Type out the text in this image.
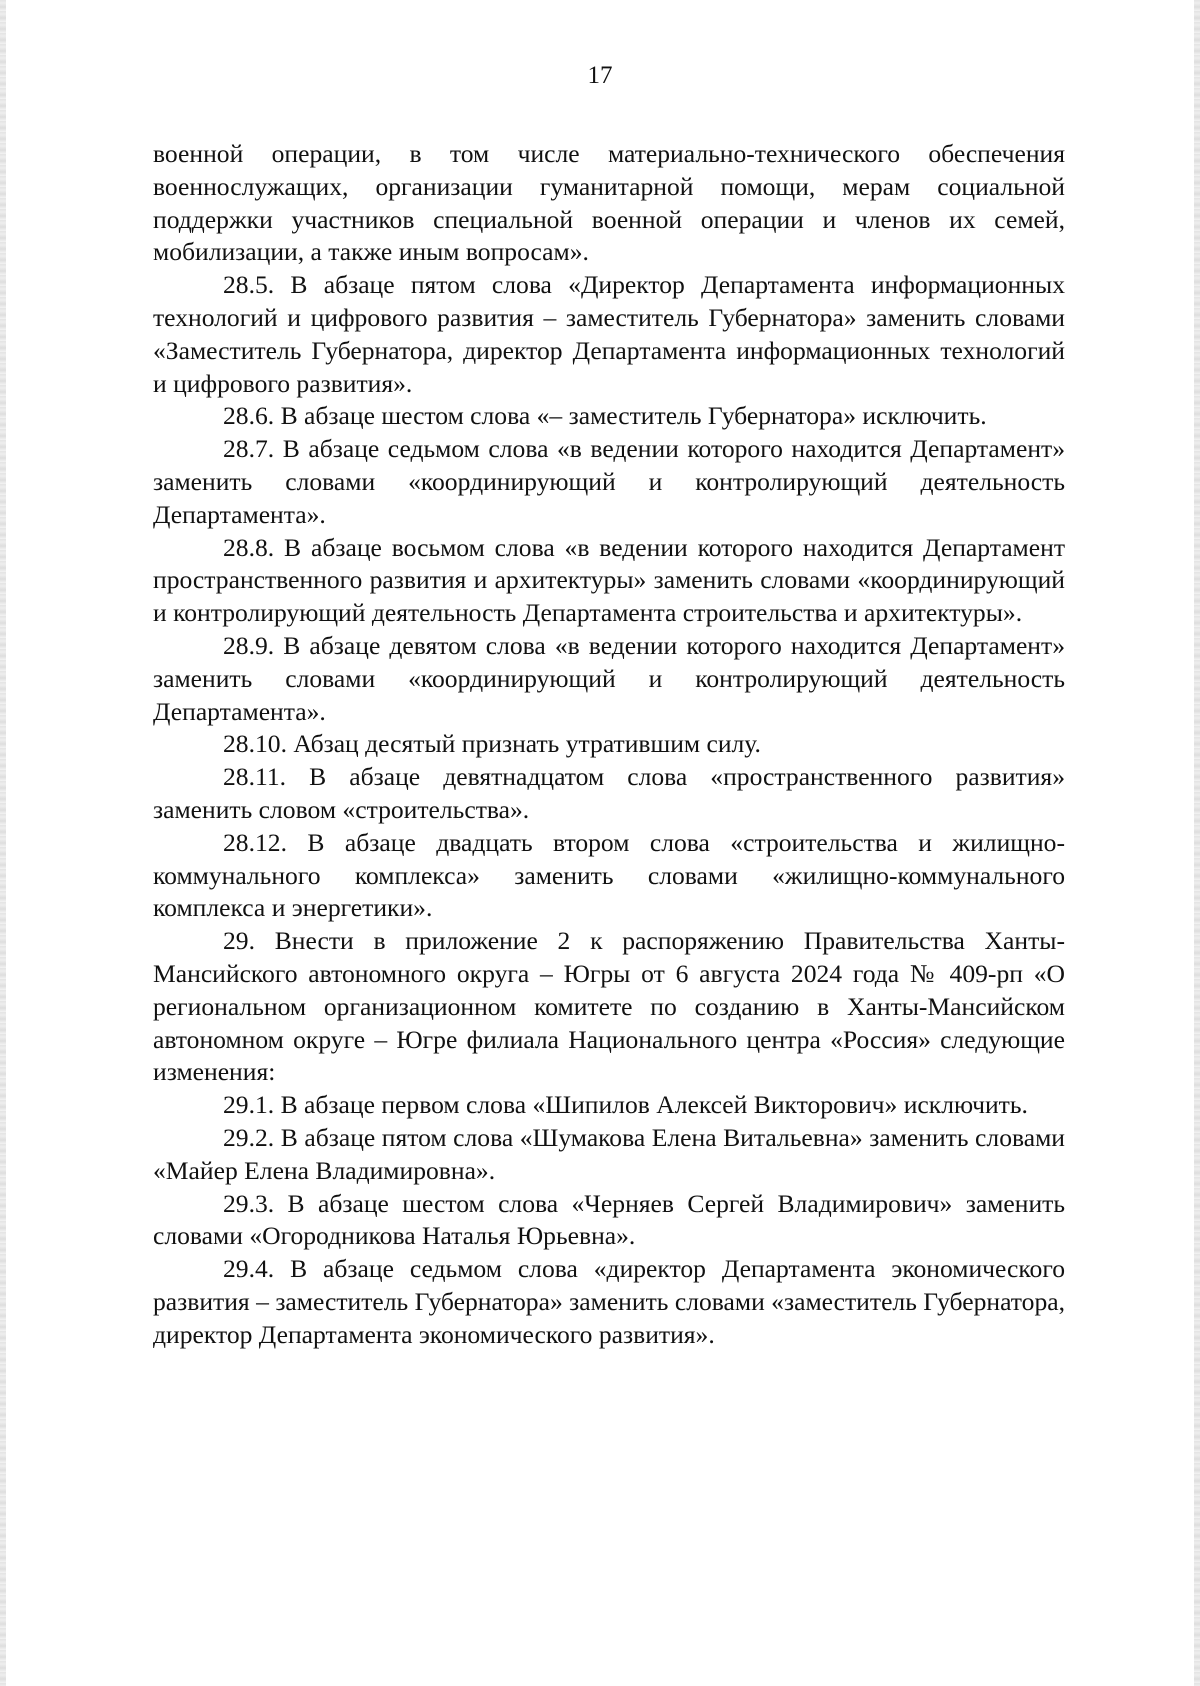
17

военной операции, в том числе материально-технического обеспечения военнослужащих, организации гуманитарной помощи, мерам социальной поддержки участников специальной военной операции и членов их семей, мобилизации, а также иным вопросам».

28.5. В абзаце пятом слова «Директор Департамента информационных технологий и цифрового развития – заместитель Губернатора» заменить словами «Заместитель Губернатора, директор Департамента информационных технологий и цифрового развития».

28.6. В абзаце шестом слова «– заместитель Губернатора» исключить.

28.7. В абзаце седьмом слова «в ведении которого находится Департамент» заменить словами «координирующий и контролирующий деятельность Департамента».

28.8. В абзаце восьмом слова «в ведении которого находится Департамент пространственного развития и архитектуры» заменить словами «координирующий и контролирующий деятельность Департамента строительства и архитектуры».

28.9. В абзаце девятом слова «в ведении которого находится Департамент» заменить словами «координирующий и контролирующий деятельность Департамента».

28.10. Абзац десятый признать утратившим силу.

28.11. В абзаце девятнадцатом слова «пространственного развития» заменить словом «строительства».

28.12. В абзаце двадцать втором слова «строительства и жилищно-коммунального комплекса» заменить словами «жилищно-коммунального комплекса и энергетики».

29. Внести в приложение 2 к распоряжению Правительства Ханты-Мансийского автономного округа – Югры от 6 августа 2024 года № 409-рп «О региональном организационном комитете по созданию в Ханты-Мансийском автономном округе – Югре филиала Национального центра «Россия» следующие изменения:

29.1. В абзаце первом слова «Шипилов Алексей Викторович» исключить.

29.2. В абзаце пятом слова «Шумакова Елена Витальевна» заменить словами «Майер Елена Владимировна».

29.3. В абзаце шестом слова «Черняев Сергей Владимирович» заменить словами «Огородникова Наталья Юрьевна».

29.4. В абзаце седьмом слова «директор Департамента экономического развития – заместитель Губернатора» заменить словами «заместитель Губернатора, директор Департамента экономического развития».
